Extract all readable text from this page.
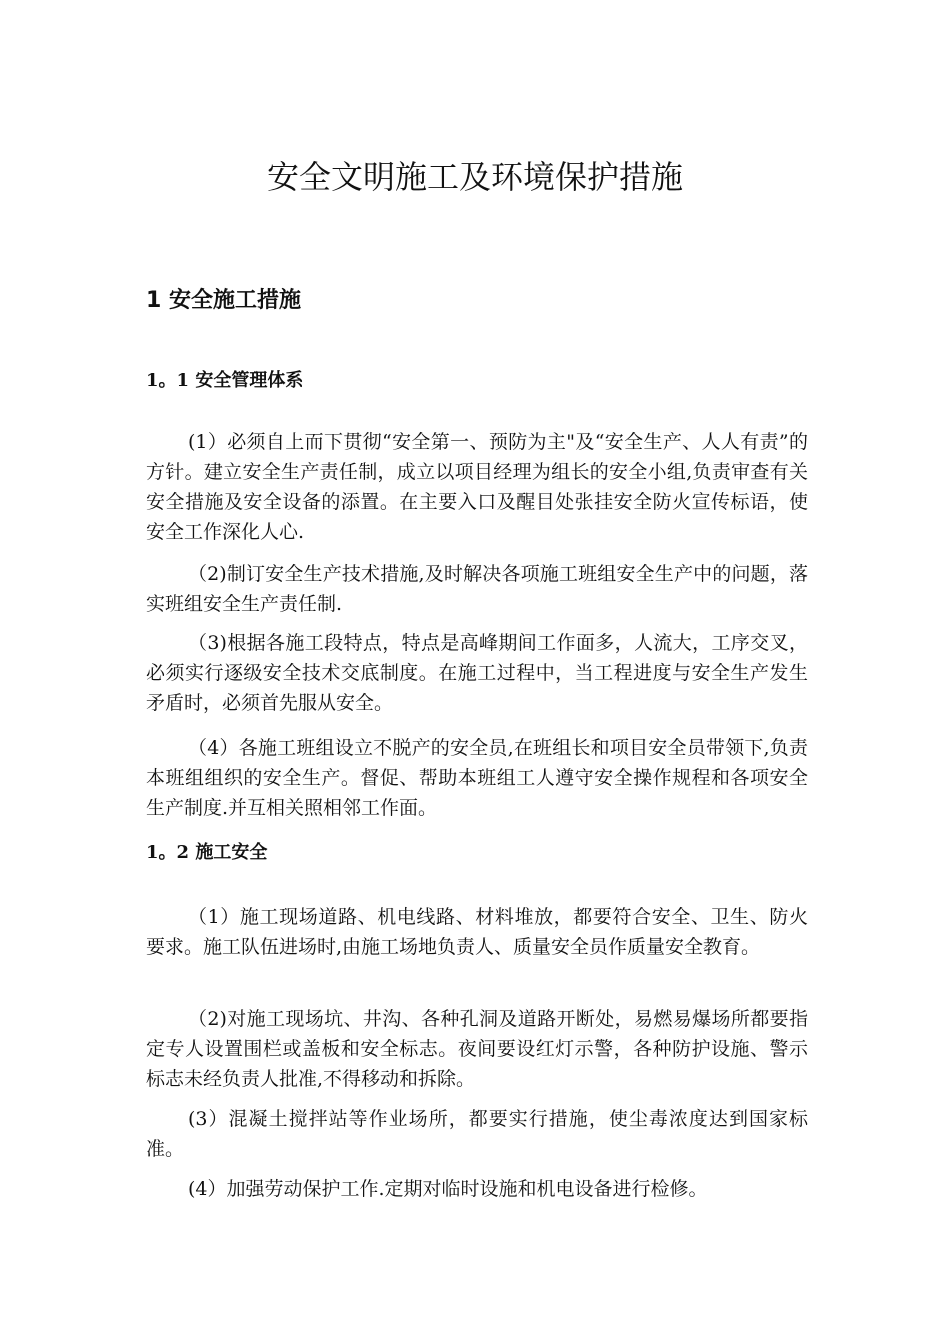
安全文明施工及环境保护措施
1 安全施工措施
1。1 安全管理体系

(1）必须自上而下贯彻“安全第一、预防为主"及“安全生产、人人有责”的方针。建立安全生产责任制，成立以项目经理为组长的安全小组,负责审查有关安全措施及安全设备的添置。在主要入口及醒目处张挂安全防火宣传标语，使安全工作深化人心.

（2)制订安全生产技术措施,及时解决各项施工班组安全生产中的问题，落实班组安全生产责任制.

（3)根据各施工段特点，特点是高峰期间工作面多，人流大，工序交叉，必须实行逐级安全技术交底制度。在施工过程中，当工程进度与安全生产发生矛盾时，必须首先服从安全。

（4）各施工班组设立不脱产的安全员,在班组长和项目安全员带领下,负责本班组组织的安全生产。督促、帮助本班组工人遵守安全操作规程和各项安全生产制度.并互相关照相邻工作面。

1。2 施工安全

（1）施工现场道路、机电线路、材料堆放，都要符合安全、卫生、防火要求。施工队伍进场时,由施工场地负责人、质量安全员作质量安全教育。

（2)对施工现场坑、井沟、各种孔洞及道路开断处，易燃易爆场所都要指定专人设置围栏或盖板和安全标志。夜间要设红灯示警，各种防护设施、警示标志未经负责人批准,不得移动和拆除。

(3）混凝土搅拌站等作业场所，都要实行措施，使尘毒浓度达到国家标准。

(4）加强劳动保护工作.定期对临时设施和机电设备进行检修。
